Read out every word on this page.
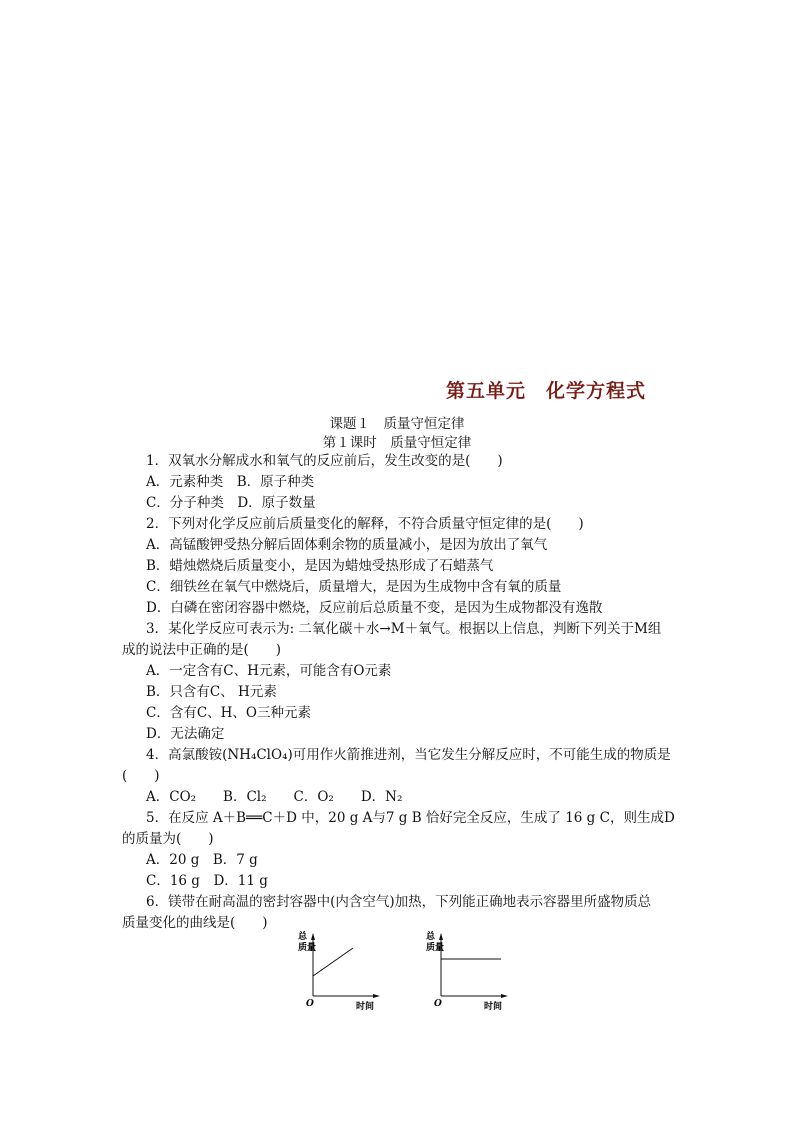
第五单元　化学方程式
课题１　质量守恒定律
第１课时　质量守恒定律
1．双氧水分解成水和氧气的反应前后，发生改变的是(　　)
A．元素种类　B．原子种类
C．分子种类　D．原子数量
2．下列对化学反应前后质量变化的解释，不符合质量守恒定律的是(　　)
A．高锰酸钾受热分解后固体剩余物的质量减小，是因为放出了氧气
B．蜡烛燃烧后质量变小，是因为蜡烛受热形成了石蜡蒸气
C．细铁丝在氧气中燃烧后，质量增大，是因为生成物中含有氧的质量
D．白磷在密闭容器中燃烧，反应前后总质量不变，是因为生成物都没有逸散
3．某化学反应可表示为: 二氧化碳＋水→M＋氧气。根据以上信息，判断下列关于M组
成的说法中正确的是(　　)
A．一定含有C、H元素，可能含有O元素
B．只含有C、 H元素
C．含有C、H、O三种元素
D．无法确定
4．高氯酸铵(NH₄ClO₄)可用作火箭推进剂，当它发生分解反应时，不可能生成的物质是
(　　)
A．CO₂　　B．Cl₂　　C．O₂　　D．N₂
5．在反应 A＋B══C＋D 中，20 g A与7 g B 恰好完全反应，生成了 16 g C，则生成D
的质量为(　　)
A．20 g　B．7 g
C．16 g　D．11 g
6．镁带在耐高温的密封容器中(内含空气)加热，下列能正确地表示容器里所盛物质总
质量变化的曲线是(　　)
总
质量
O	时间
总
质量
O	时间
